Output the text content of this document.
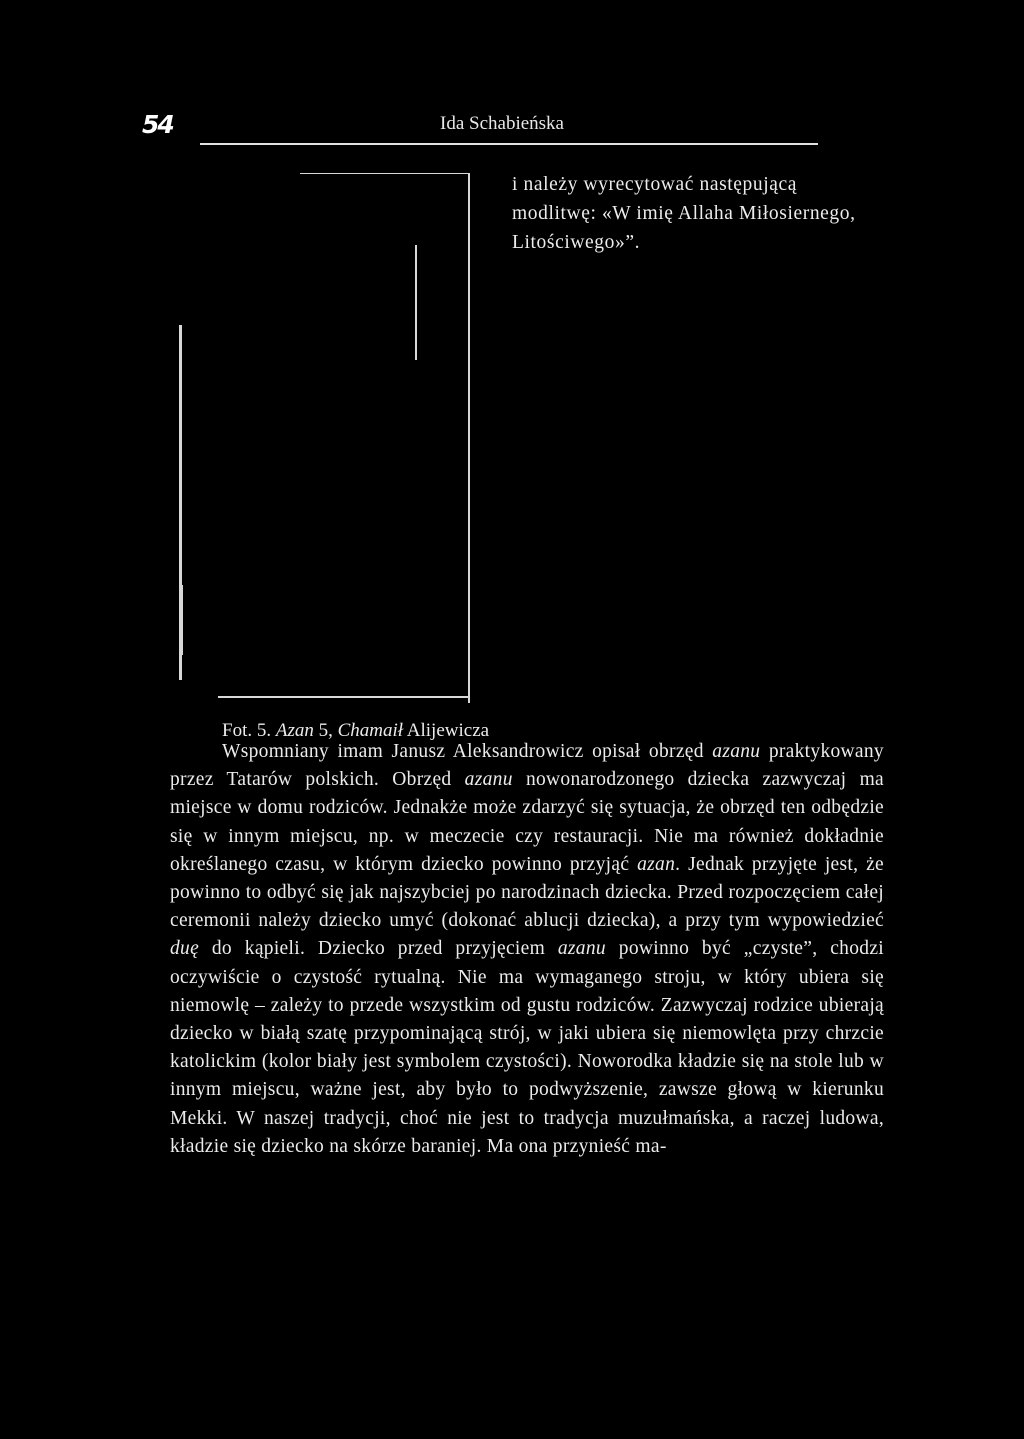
54	Ida Schabieńska
i należy wyrecytować następującą modlitwę: «W imię Allaha Miłosiernego, Litościwego»”.
Fot. 5. Azan 5, Chamaił Alijewicza

Wspomniany imam Janusz Aleksandrowicz opisał obrzęd azanu praktykowany przez Tatarów polskich. Obrzęd azanu nowonarodzonego dziecka zazwyczaj ma miejsce w domu rodziców. Jednakże może zdarzyć się sytuacja, że obrzęd ten odbędzie się w innym miejscu, np. w meczecie czy restauracji. Nie ma również dokładnie określanego czasu, w którym dziecko powinno przyjąć azan. Jednak przyjęte jest, że powinno to odbyć się jak najszybciej po narodzinach dziecka. Przed rozpoczęciem całej ceremonii należy dziecko umyć (dokonać ablucji dziecka), a przy tym wypowiedzieć duę do kąpieli. Dziecko przed przyjęciem azanu powinno być „czyste”, chodzi oczywiście o czystość rytualną. Nie ma wymaganego stroju, w który ubiera się niemowlę – zależy to przede wszystkim od gustu rodziców. Zazwyczaj rodzice ubierają dziecko w białą szatę przypominającą strój, w jaki ubiera się niemowlęta przy chrzcie katolickim (kolor biały jest symbolem czystości). Noworodka kładzie się na stole lub w innym miejscu, ważne jest, aby było to podwyższenie, zawsze głową w kierunku Mekki. W naszej tradycji, choć nie jest to tradycja muzułmańska, a raczej ludowa, kładzie się dziecko na skórze baraniej. Ma ona przynieść ma-
